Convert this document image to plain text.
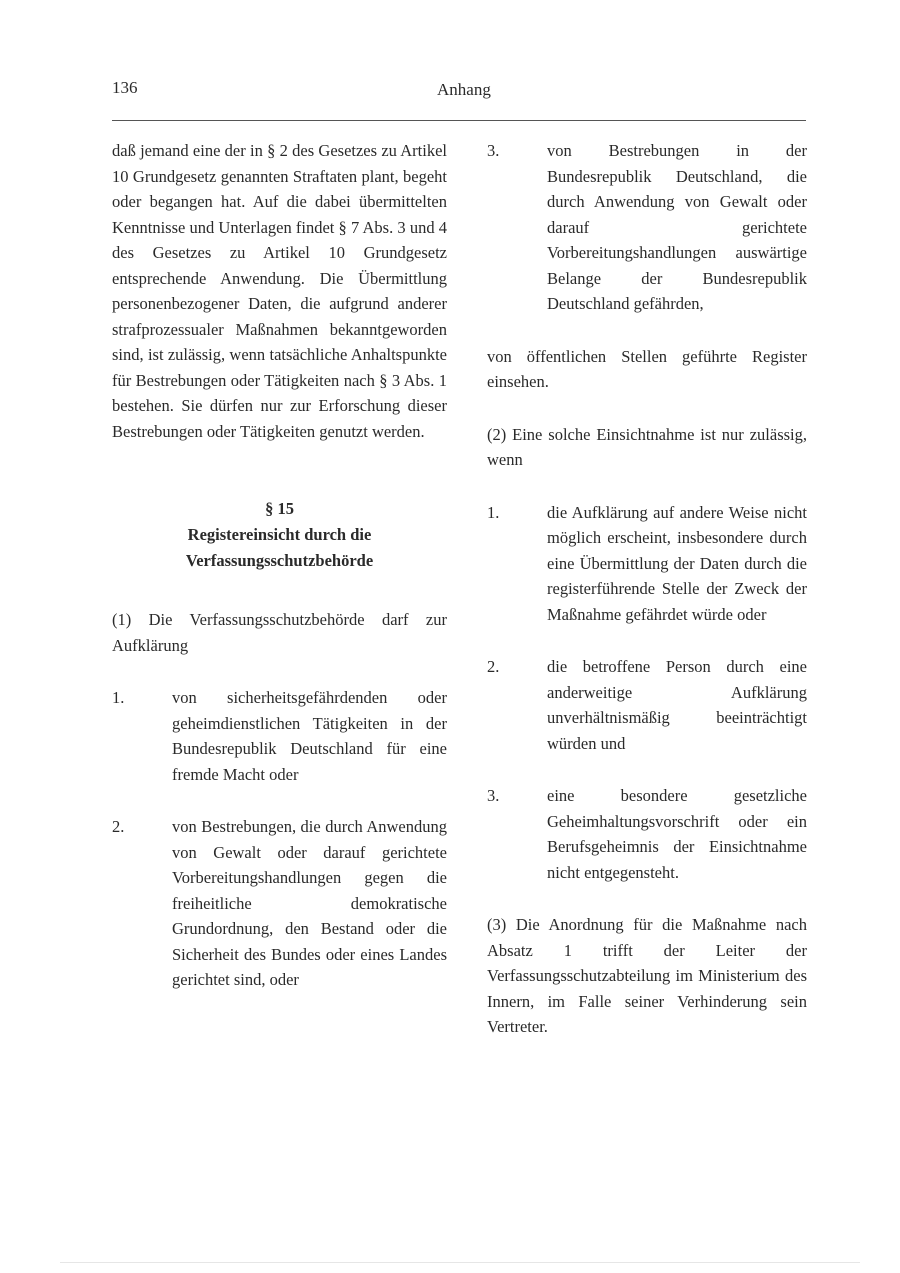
136	Anhang

daß jemand eine der in § 2 des Gesetzes zu Artikel 10 Grundgesetz genannten Straftaten plant, begeht oder begangen hat. Auf die dabei übermittelten Kenntnisse und Unterlagen findet § 7 Abs. 3 und 4 des Gesetzes zu Artikel 10 Grundgesetz entsprechende Anwendung. Die Übermittlung personenbezogener Daten, die aufgrund anderer strafprozessualer Maßnahmen bekanntgeworden sind, ist zulässig, wenn tatsächliche Anhaltspunkte für Bestrebungen oder Tätigkeiten nach § 3 Abs. 1 bestehen. Sie dürfen nur zur Erforschung dieser Bestrebungen oder Tätigkeiten genutzt werden.

§ 15
Registereinsicht durch die
Verfassungsschutzbehörde

(1) Die Verfassungsschutzbehörde darf zur Aufklärung

1.	von sicherheitsgefährdenden oder geheimdienstlichen Tätigkeiten in der Bundesrepublik Deutschland für eine fremde Macht oder
2.	von Bestrebungen, die durch Anwendung von Gewalt oder darauf gerichtete Vorbereitungshandlungen gegen die freiheitliche demokratische Grundordnung, den Bestand oder die Sicherheit des Bundes oder eines Landes gerichtet sind, oder
3.	von Bestrebungen in der Bundesrepublik Deutschland, die durch Anwendung von Gewalt oder darauf gerichtete Vorbereitungshandlungen auswärtige Belange der Bundesrepublik Deutschland gefährden,

von öffentlichen Stellen geführte Register einsehen.

(2) Eine solche Einsichtnahme ist nur zulässig, wenn

1.	die Aufklärung auf andere Weise nicht möglich erscheint, insbesondere durch eine Übermittlung der Daten durch die registerführende Stelle der Zweck der Maßnahme gefährdet würde oder
2.	die betroffene Person durch eine anderweitige Aufklärung unverhältnismäßig beeinträchtigt würden und
3.	eine besondere gesetzliche Geheimhaltungsvorschrift oder ein Berufsgeheimnis der Einsichtnahme nicht entgegensteht.

(3) Die Anordnung für die Maßnahme nach Absatz 1 trifft der Leiter der Verfassungsschutzabteilung im Ministerium des Innern, im Falle seiner Verhinderung sein Vertreter.
